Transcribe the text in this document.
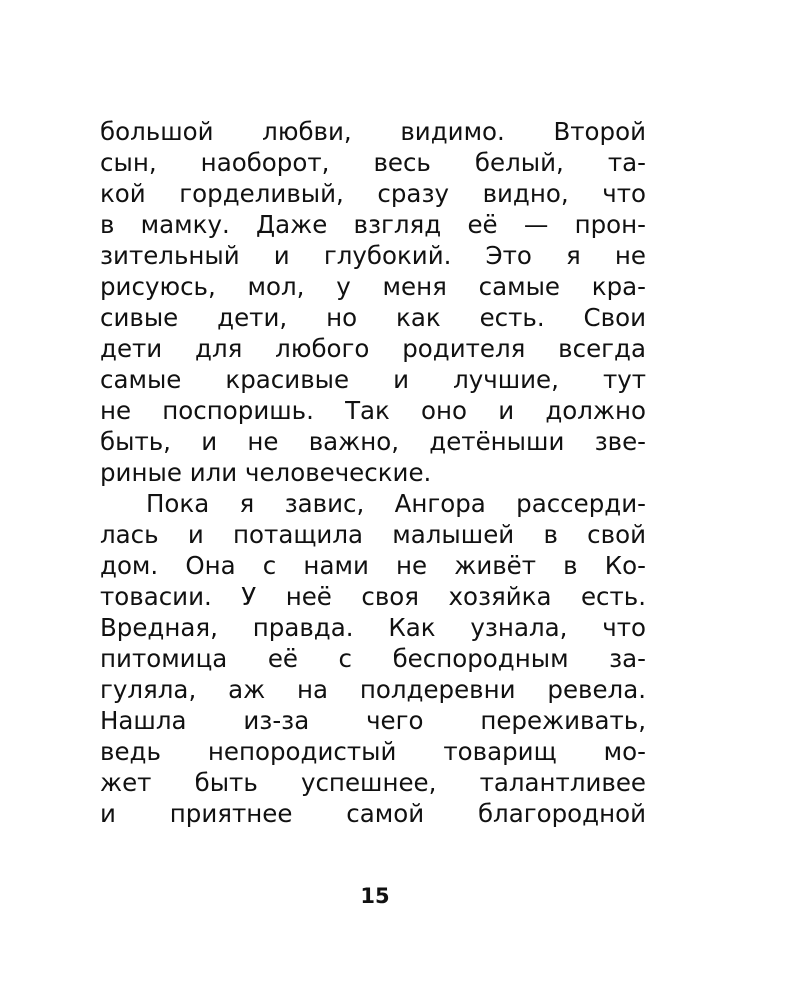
большой любви, видимо. Второй
сын, наоборот, весь белый, та-
кой горделивый, сразу видно, что
в мамку. Даже взгляд её — прон-
зительный и глубокий. Это я не
рисуюсь, мол, у меня самые кра-
сивые дети, но как есть. Свои
дети для любого родителя всегда
самые красивые и лучшие, тут
не поспоришь. Так оно и должно
быть, и не важно, детёныши зве-
риные или человеческие.
Пока я завис, Ангора рассерди-
лась и потащила малышей в свой
дом. Она с нами не живёт в Ко-
товасии. У неё своя хозяйка есть.
Вредная, правда. Как узнала, что
питомица её с беспородным за-
гуляла, аж на полдеревни ревела.
Нашла из-за чего переживать,
ведь непородистый товарищ мо-
жет быть успешнее, талантливее
и приятнее самой благородной
15
